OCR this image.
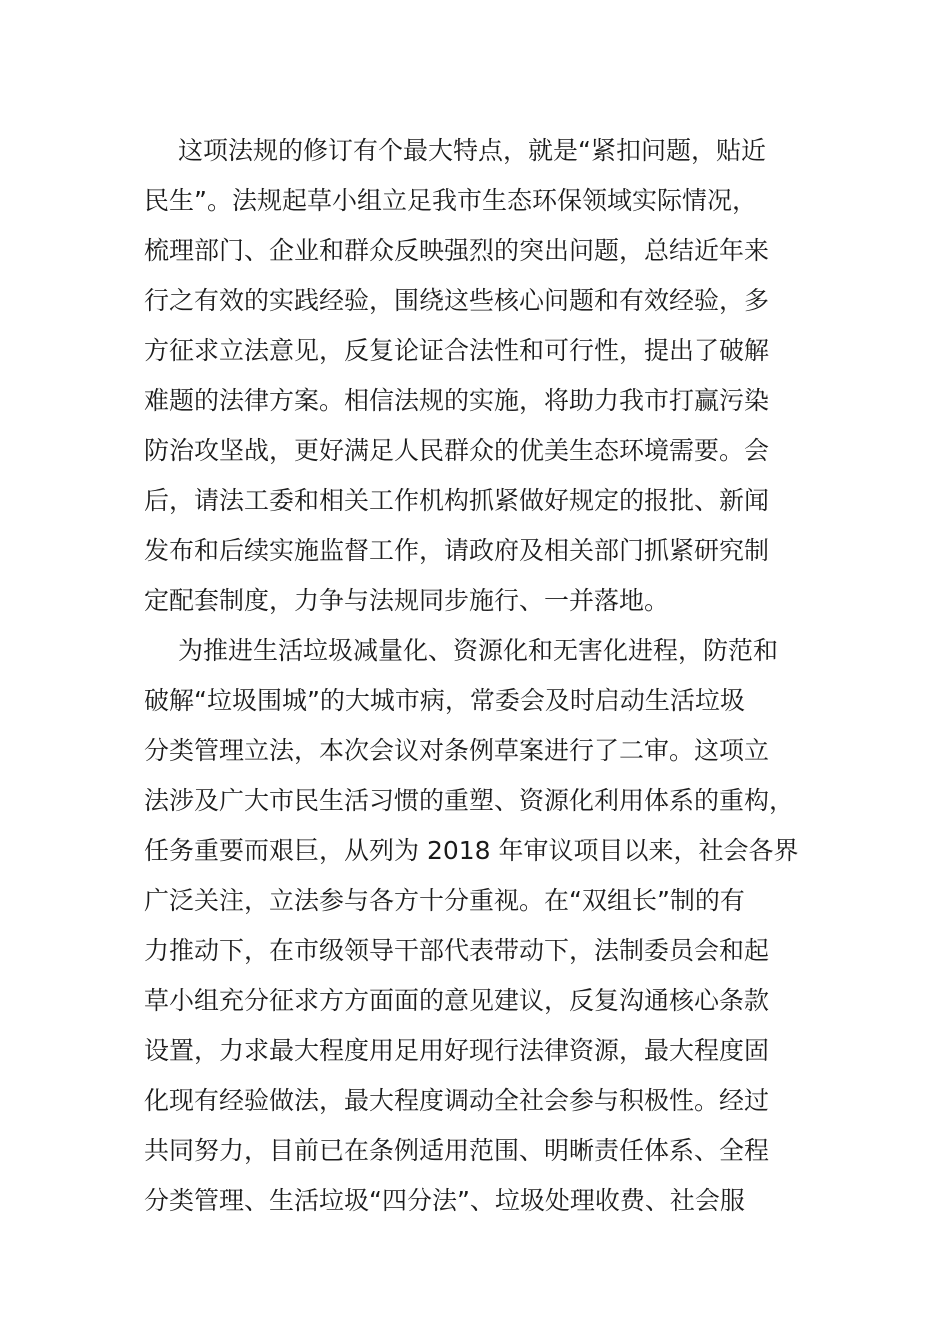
这项法规的修订有个最大特点，就是“紧扣问题，贴近
民生”。法规起草小组立足我市生态环保领域实际情况，
梳理部门、企业和群众反映强烈的突出问题，总结近年来
行之有效的实践经验，围绕这些核心问题和有效经验，多
方征求立法意见，反复论证合法性和可行性，提出了破解
难题的法律方案。相信法规的实施，将助力我市打赢污染
防治攻坚战，更好满足人民群众的优美生态环境需要。会
后，请法工委和相关工作机构抓紧做好规定的报批、新闻
发布和后续实施监督工作，请政府及相关部门抓紧研究制
定配套制度，力争与法规同步施行、一并落地。
为推进生活垃圾减量化、资源化和无害化进程，防范和
破解“垃圾围城”的大城市病，常委会及时启动生活垃圾
分类管理立法，本次会议对条例草案进行了二审。这项立
法涉及广大市民生活习惯的重塑、资源化利用体系的重构，
任务重要而艰巨，从列为 2018 年审议项目以来，社会各界
广泛关注，立法参与各方十分重视。在“双组长”制的有
力推动下，在市级领导干部代表带动下，法制委员会和起
草小组充分征求方方面面的意见建议，反复沟通核心条款
设置，力求最大程度用足用好现行法律资源，最大程度固
化现有经验做法，最大程度调动全社会参与积极性。经过
共同努力，目前已在条例适用范围、明晰责任体系、全程
分类管理、生活垃圾“四分法”、垃圾处理收费、社会服
